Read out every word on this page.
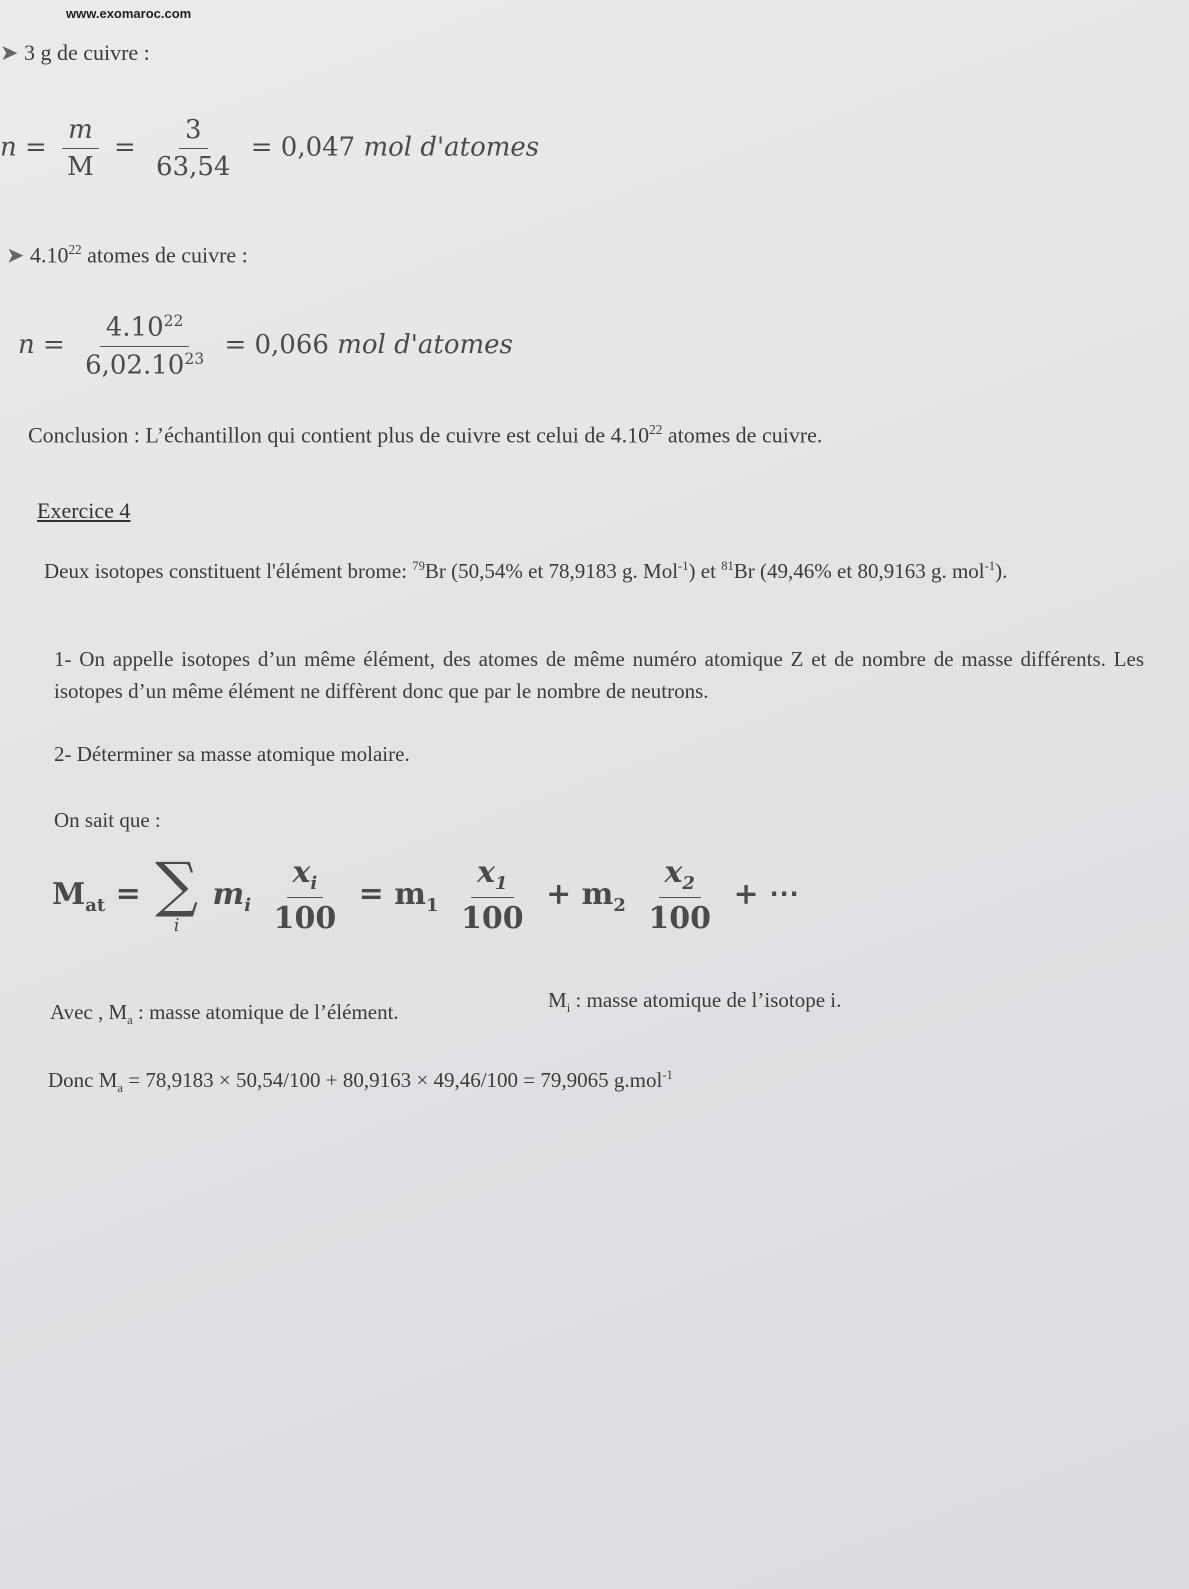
www.exomaroc.com
➤ 3 g de cuivre :
$n = \frac{m}{M} = \frac{3}{63,54} = 0,047$ mol d'atomes
➤ 4.10$^{22}$ atomes de cuivre :
$n = \frac{4.10^{22}}{6,02.10^{23}} = 0,066$ mol d'atomes
Conclusion : L’échantillon qui contient plus de cuivre est celui de 4.10$^{22}$ atomes de cuivre.
Exercice 4
Deux isotopes constituent l'élément brome: $^{79}$Br (50,54% et 78,9183 g. Mol$^{-1}$) et $^{81}$Br (49,46% et 80,9163 g. mol$^{-1}$).
1- On appelle isotopes d’un même élément, des atomes de même numéro atomique Z et de nombre de masse différents. Les isotopes d’un même élément ne diffèrent donc que par le nombre de neutrons.
2- Déterminer sa masse atomique molaire.
On sait que :
$M_{at}$ = ∑
i
$m_i \frac{x_i}{100} = m_1 \frac{x_1}{100} + m_2 \frac{x_2}{100}$ + ⋯
Avec , $M_a$ : masse atomique de l’élément.	$M_i$ : masse atomique de l’isotope i.
Donc $M_a = 78,9183 \times 50,54/100 + 80,9163 \times 49,46/100 = 79,9065$ g.mol$^{-1}$
